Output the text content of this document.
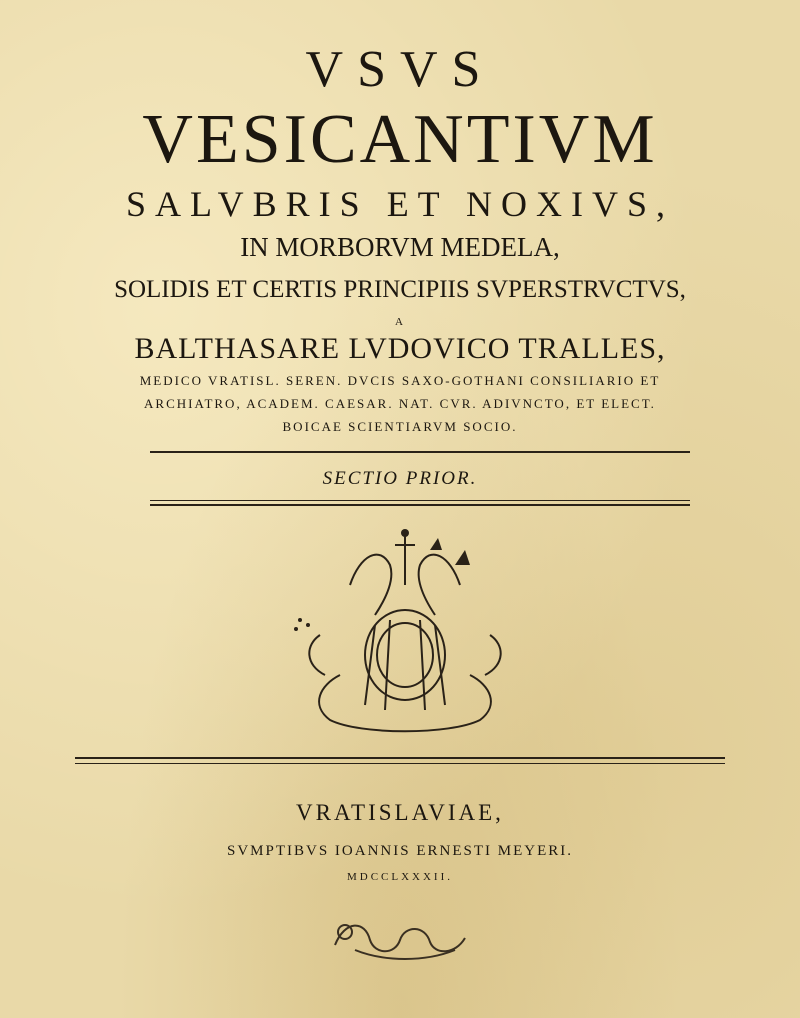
VSVS
VESICANTIVM
SALVBRIS ET NOXIVS,
IN MORBORVM MEDELA,
SOLIDIS ET CERTIS PRINCIPIIS SVPERSTRVCTVS,
A
BALTHASARE LVDOVICO TRALLES,
MEDICO VRATISL. SEREN. DVCIS SAXO-GOTHANI CONSILIARIO ET
ARCHIATRO, ACADEM. CAESAR. NAT. CVR. ADIVNCTO, ET ELECT.
BOICAE SCIENTIARVM SOCIO.
SECTIO PRIOR.
VRATISLAVIAE,
SVMPTIBVS IOANNIS ERNESTI MEYERI.
MDCCLXXXII.
